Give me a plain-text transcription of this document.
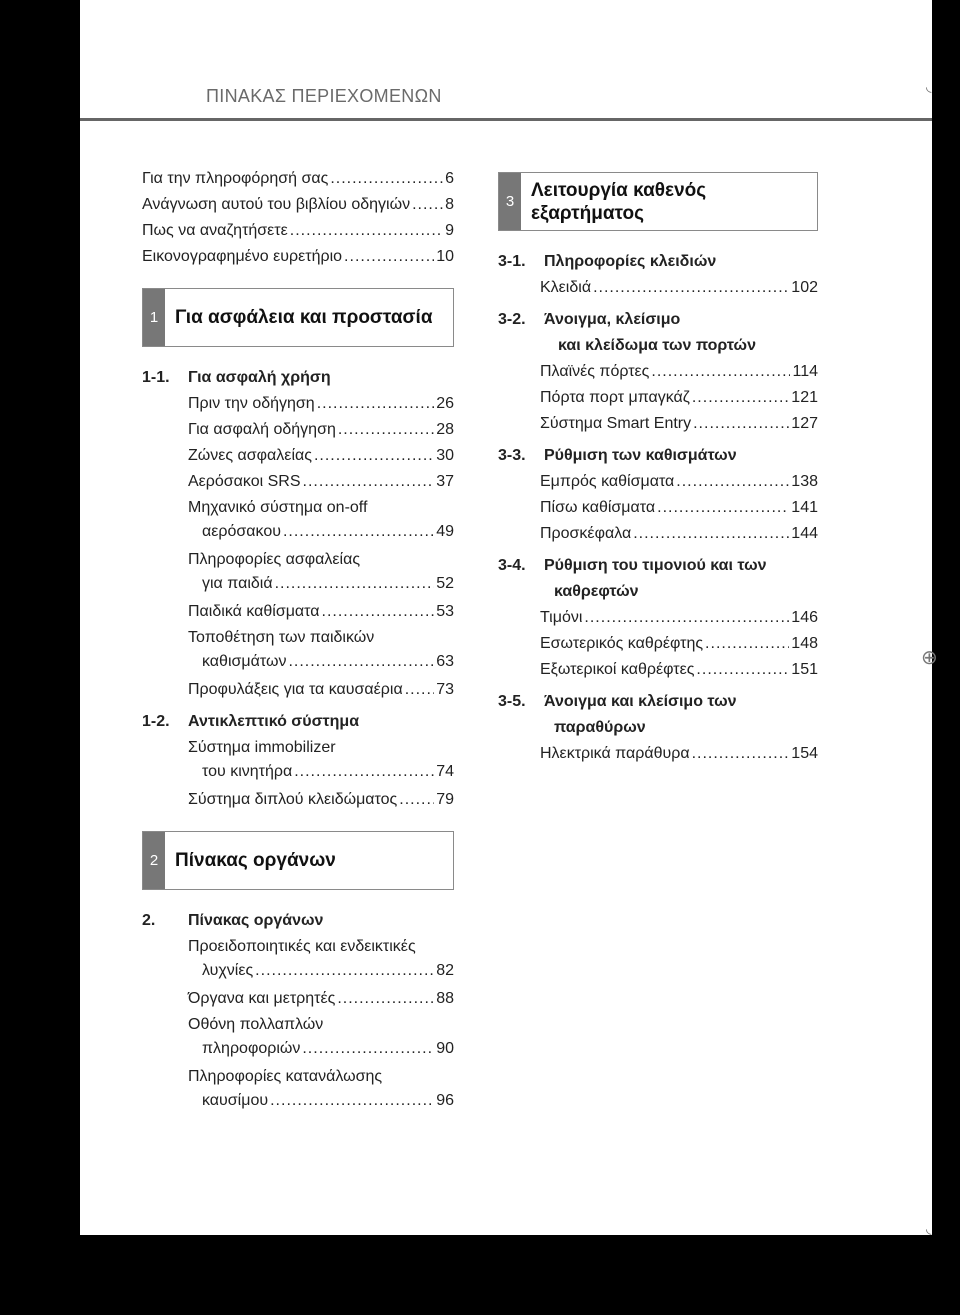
ΠΙΝΑΚΑΣ ΠΕΡΙΕΧΟΜΕΝΩΝ	◟
⊕
◟
Για την πληροφόρησή σας .....	6
Ανάγνωση αυτού του βιβλίου οδηγιών ..... 8
Πως να αναζητήσετε .....	9
Εικονογραφημένο ευρετήριο .....	10
1 Για ασφάλεια και προστασία
1-1.	Για ασφαλή χρήση
Πριν την οδήγηση .....	26
Για ασφαλή οδήγηση .....	28
Ζώνες ασφαλείας .....	30
Αερόσακοι SRS .....	37
Μηχανικό σύστημα on-off
αερόσακου .....	49
Πληροφορίες ασφαλείας
για παιδιά .....	52
Παιδικά καθίσματα .....	53
Τοποθέτηση των παιδικών
καθισμάτων .....	63
Προφυλάξεις για τα καυσαέρια ..... 73
1-2.	Αντικλεπτικό σύστημα
Σύστημα immobilizer
του κινητήρα .....	74
Σύστημα διπλού κλειδώματος ..... 79
2 Πίνακας οργάνων
2.	Πίνακας οργάνων
Προειδοποιητικές και ενδεικτικές
λυχνίες .....	82
Όργανα και μετρητές .....	88
Οθόνη πολλαπλών
πληροφοριών .....	90
Πληροφορίες κατανάλωσης
καυσίμου .....	96
3
Λειτουργία καθενός
εξαρτήματος
3-1.	Πληροφορίες κλειδιών
Κλειδιά .....	102
3-2.	Άνοιγμα, κλείσιμο
και κλείδωμα των πορτών
Πλαϊνές πόρτες .....	114
Πόρτα πορτ μπαγκάζ .....	121
Σύστημα Smart Entry .....	127
3-3.	Ρύθμιση των καθισμάτων
Εμπρός καθίσματα .....	138
Πίσω καθίσματα .....	141
Προσκέφαλα .....	144
3-4.	Ρύθμιση του τιμονιού και των
καθρεφτών
Τιμόνι .....	146
Εσωτερικός καθρέφτης .....	148
Εξωτερικοί καθρέφτες .....	151
3-5.	Άνοιγμα και κλείσιμο των
παραθύρων
Ηλεκτρικά παράθυρα .....	154
